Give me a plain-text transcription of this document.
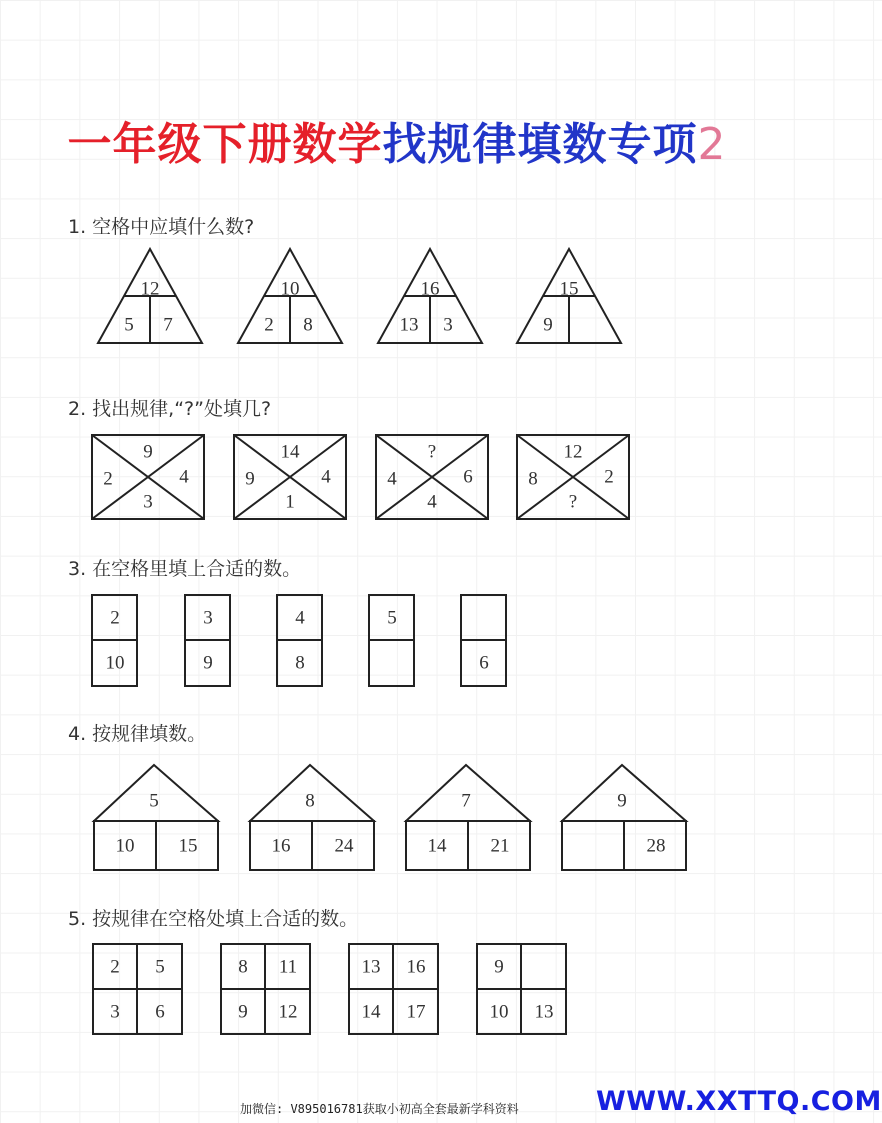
一年级下册数学找规律填数专项2
1. 空格中应填什么数?
12
5 7
10
2 8
16
13 3
15
9
9
2	4
3
14
9	4
1
?
4	6
4
12
8	2
?
2
10
3
9
4
8
5
6
5
10 15
8
16 24
7
14 21
9
28
2 5
3 6
8 11
9 12
13 16
14 17
9
10 13
2. 找出规律,“?”处填几?
3. 在空格里填上合适的数。
4. 按规律填数。
5. 按规律在空格处填上合适的数。
加微信: V895016781获取小初高全套最新学科资料	WWW.XXTTQ.COM
